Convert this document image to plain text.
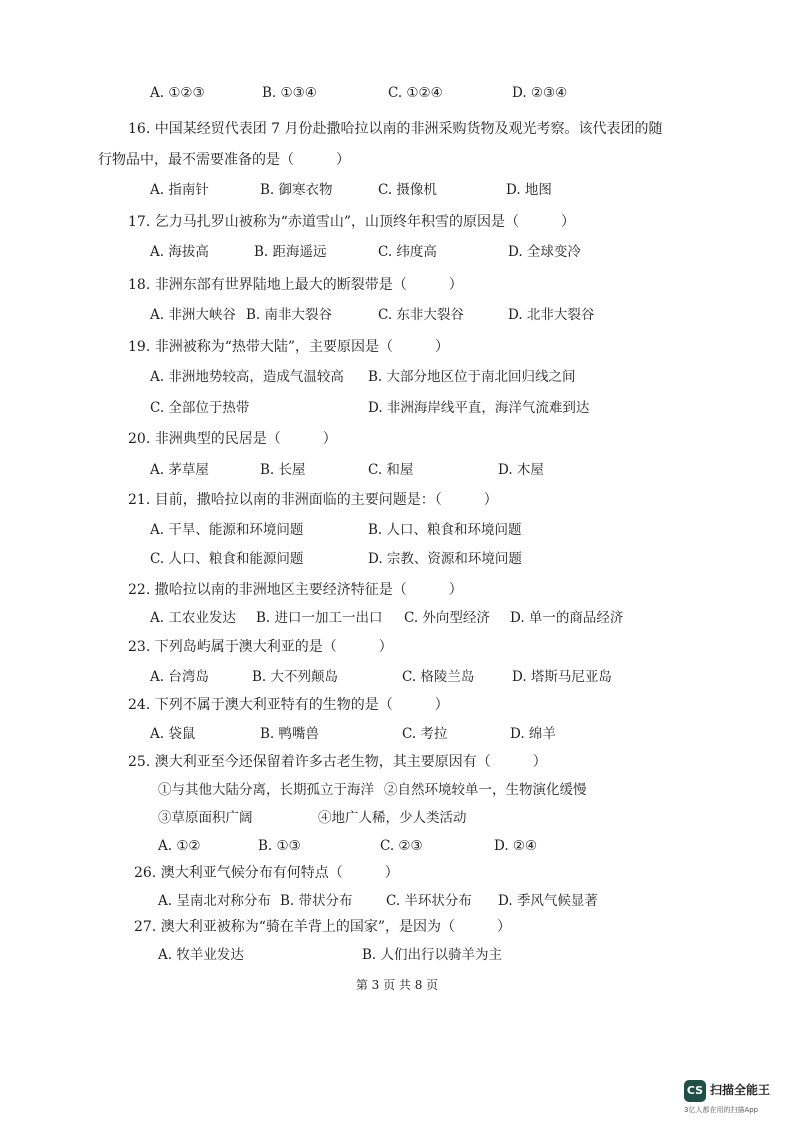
A. ①②③	B. ①③④	C. ①②④	D. ②③④
16. 中国某经贸代表团 7 月份赴撒哈拉以南的非洲采购货物及观光考察。该代表团的随
行物品中，最不需要准备的是（　　　）
A. 指南针	B. 御寒衣物	C. 摄像机	D. 地图
17. 乞力马扎罗山被称为“赤道雪山”，山顶终年积雪的原因是（　　　）
A. 海拔高	B. 距海遥远	C. 纬度高	D. 全球变冷
18. 非洲东部有世界陆地上最大的断裂带是（　　　）
A. 非洲大峡谷 B. 南非大裂谷	C. 东非大裂谷	D. 北非大裂谷
19. 非洲被称为“热带大陆”，主要原因是（　　　）
A. 非洲地势较高，造成气温较高 B. 大部分地区位于南北回归线之间
C. 全部位于热带	D. 非洲海岸线平直，海洋气流难到达
20. 非洲典型的民居是（　　　）
A. 茅草屋	B. 长屋	C. 和屋	D. 木屋
21. 目前，撒哈拉以南的非洲面临的主要问题是：（　　　）
A. 干旱、能源和环境问题	B. 人口、粮食和环境问题
C. 人口、粮食和能源问题	D. 宗教、资源和环境问题
22. 撒哈拉以南的非洲地区主要经济特征是（　　　）
A. 工农业发达 B. 进口一加工一出口 C. 外向型经济 D. 单一的商品经济
23. 下列岛屿属于澳大利亚的是（　　　）
A. 台湾岛	B. 大不列颠岛	C. 格陵兰岛	D. 塔斯马尼亚岛
24. 下列不属于澳大利亚特有的生物的是（　　　）
A. 袋鼠	B. 鸭嘴兽	C. 考拉	D. 绵羊
25. 澳大利亚至今还保留着许多古老生物，其主要原因有（　　　）
①与其他大陆分离，长期孤立于海洋 ②自然环境较单一，生物演化缓慢
③草原面积广阔	④地广人稀，少人类活动
A. ①②	B. ①③	C. ②③	D. ②④
26. 澳大利亚气候分布有何特点（　　　）
A. 呈南北对称分布 B. 带状分布 C. 半环状分布 D. 季风气候显著
27. 澳大利亚被称为“骑在羊背上的国家”，是因为（　　　）
A. 牧羊业发达	B. 人们出行以骑羊为主
第 3 页 共 8 页
CS 扫描全能王
3亿人都在用的扫描App
